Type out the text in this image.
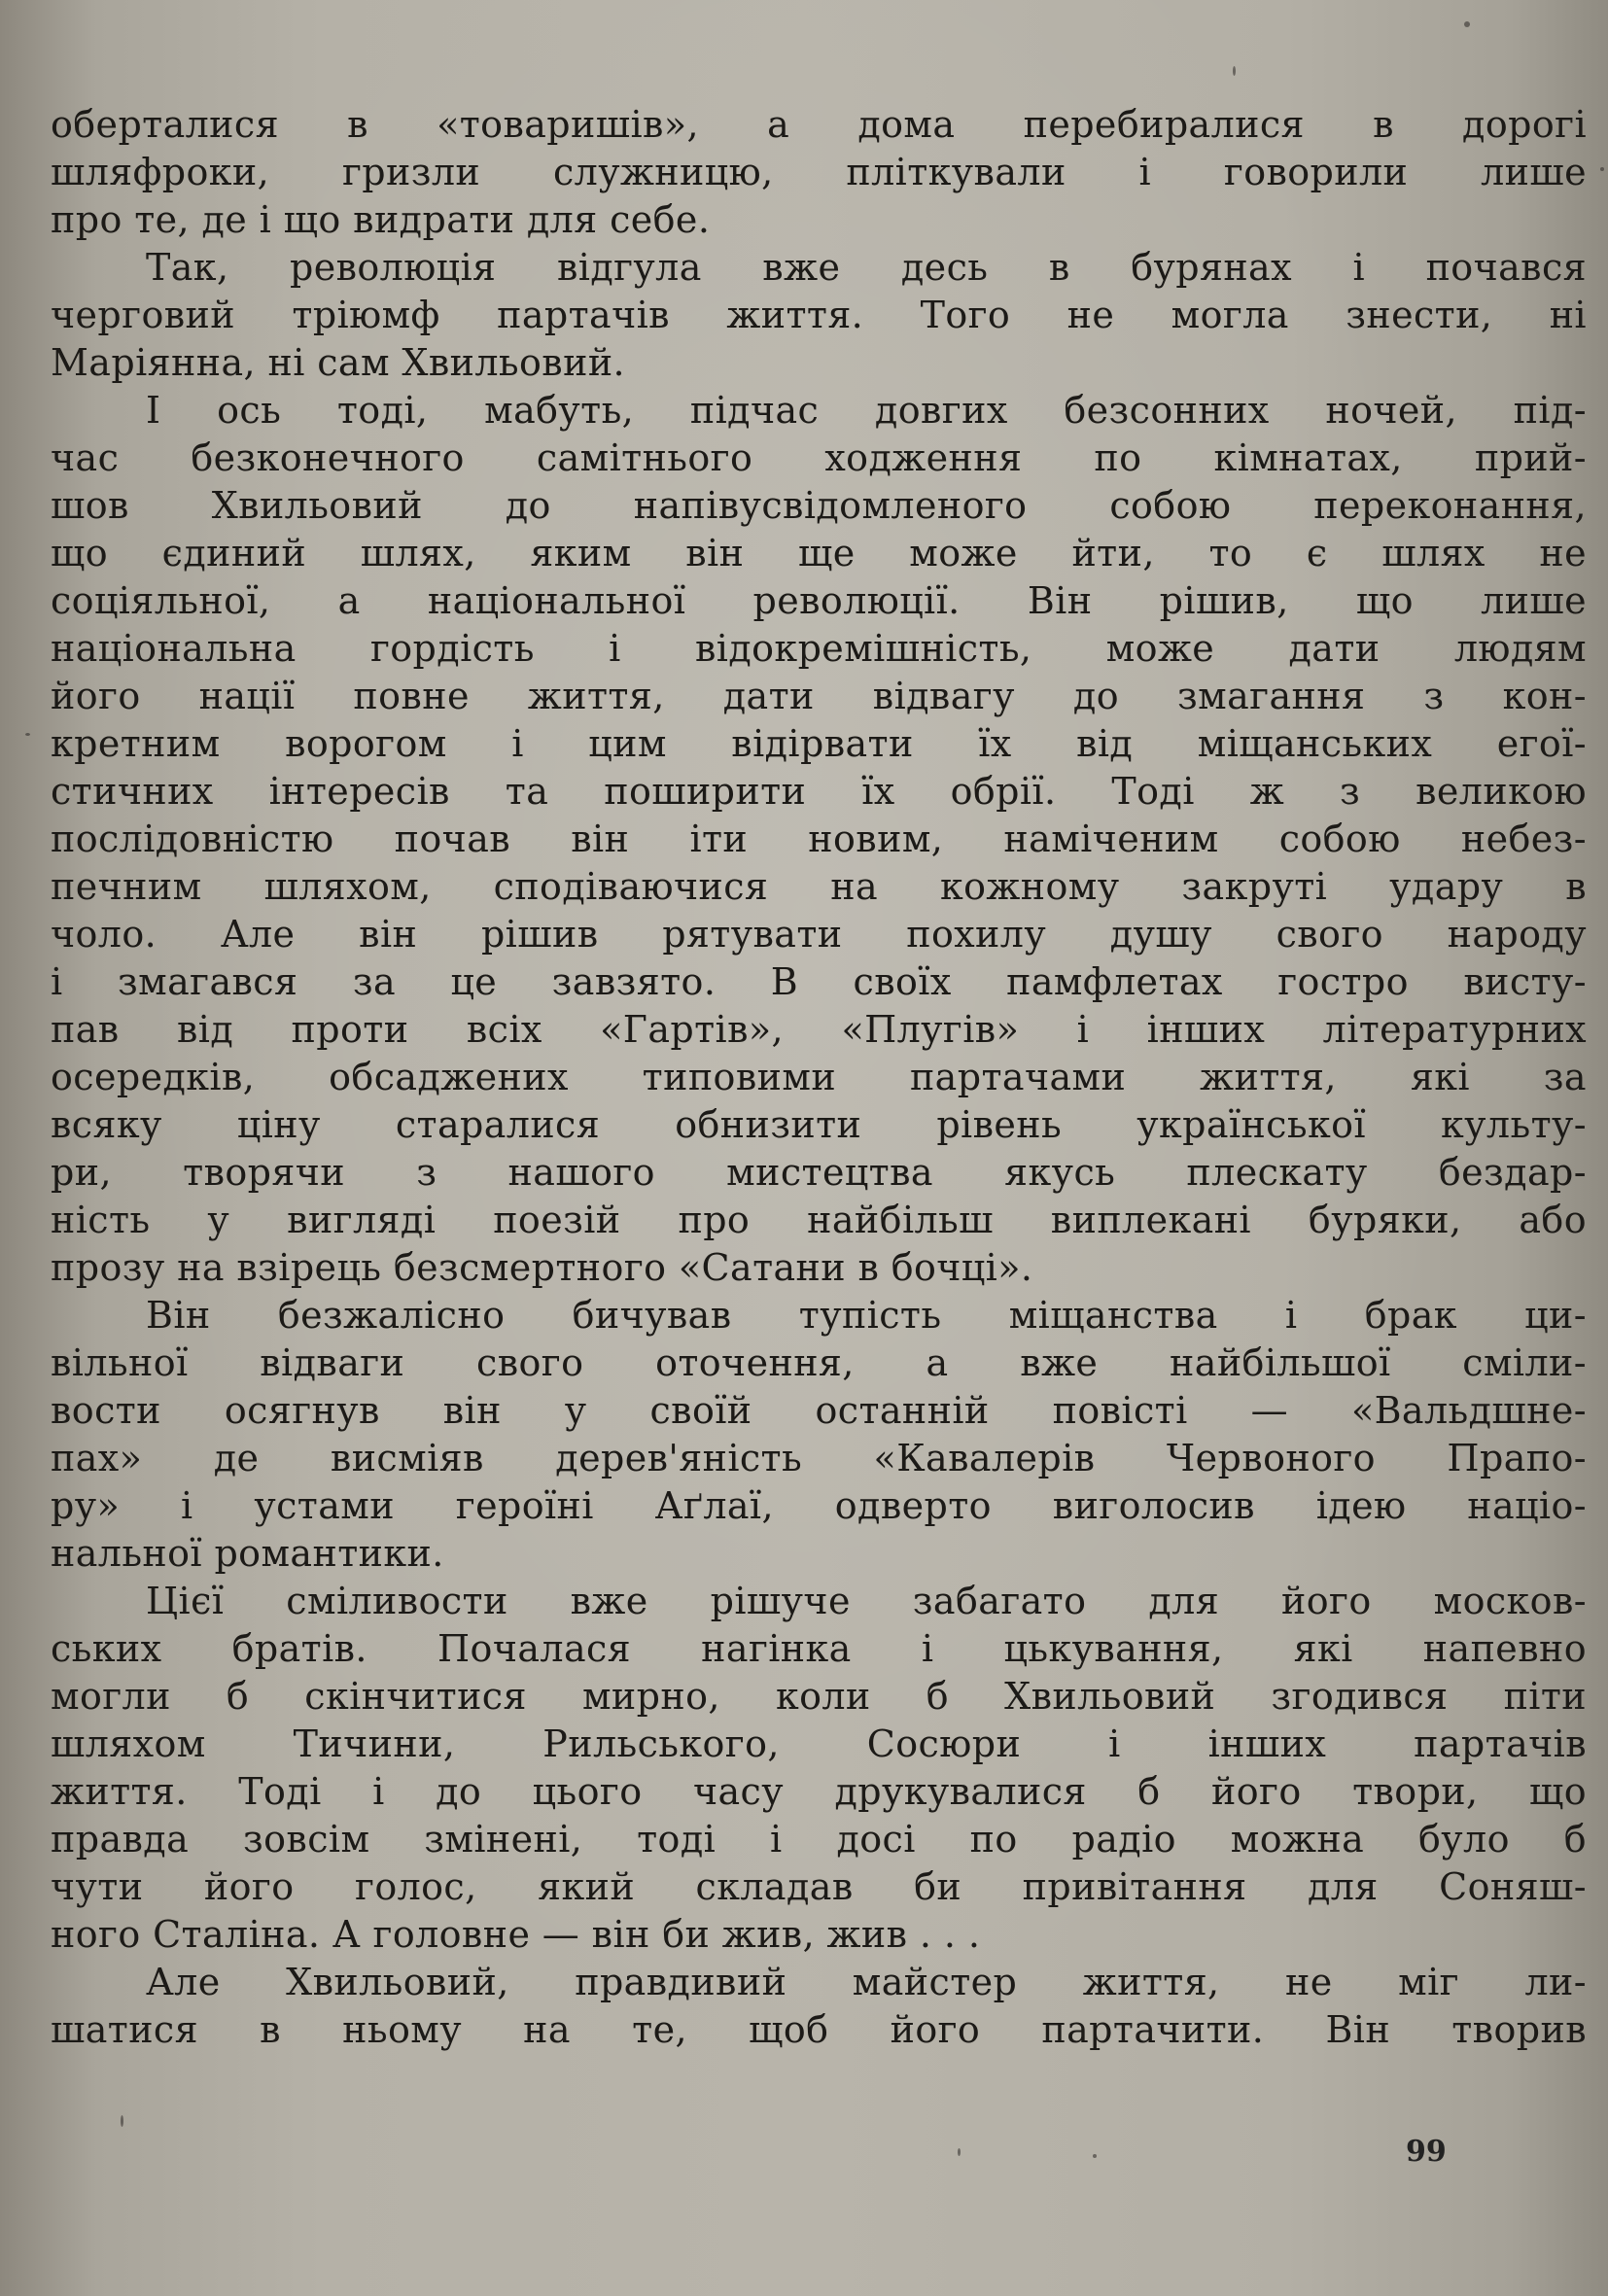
оберталися в «товаришів», а дома перебиралися в дорогі
шляфроки, гризли служницю, пліткували і говорили лише
про те, де і що видрати для себе.
Так, революція відгула вже десь в бурянах і почався
черговий тріюмф партачів життя. Того не могла знести, ні
Маріянна, ні сам Хвильовий.
І ось тоді, мабуть, підчас довгих безсонних ночей, під-
час безконечного самітнього ходження по кімнатах, прий-
шов Хвильовий до напівусвідомленого собою переконання,
що єдиний шлях, яким він ще може йти, то є шлях не
соціяльної, а національної революції. Він рішив, що лише
національна гордість і відокремішність, може дати людям
його нації повне життя, дати відвагу до змагання з кон-
кретним ворогом і цим відірвати їх від міщанських егої-
стичних інтересів та поширити їх обрії. Тоді ж з великою
послідовністю почав він іти новим, наміченим собою небез-
печним шляхом, сподіваючися на кожному закруті удару в
чоло. Але він рішив рятувати похилу душу свого народу
і змагався за це завзято. В своїх памфлетах гостро висту-
пав від проти всіх «Гартів», «Плугів» і інших літературних
осередків, обсаджених типовими партачами життя, які за
всяку ціну старалися обнизити рівень української культу-
ри, творячи з нашого мистецтва якусь плескату бездар-
ність у вигляді поезій про найбільш виплекані буряки, або
прозу на взірець безсмертного «Сатани в бочці».
Він безжалісно бичував тупість міщанства і брак ци-
вільної відваги свого оточення, а вже найбільшої сміли-
вости осягнув він у своїй останній повісті — «Вальдшне-
пах» де висміяв дерев'яність «Кавалерів Червоного Прапо-
ру» і устами героїні Аґлаї, одверто виголосив ідею націо-
нальної романтики.
Цієї сміливости вже рішуче забагато для його москов-
ських братів. Почалася нагінка і цькування, які напевно
могли б скінчитися мирно, коли б Хвильовий згодився піти
шляхом Тичини, Рильського, Сосюри і інших партачів
життя. Тоді і до цього часу друкувалися б його твори, що
правда зовсім змінені, тоді і досі по радіо можна було б
чути його голос, який складав би привітання для Соняш-
ного Сталіна. А головне — він би жив, жив . . .
Але Хвильовий, правдивий майстер життя, не міг ли-
шатися в ньому на те, щоб його партачити. Він творив
99
